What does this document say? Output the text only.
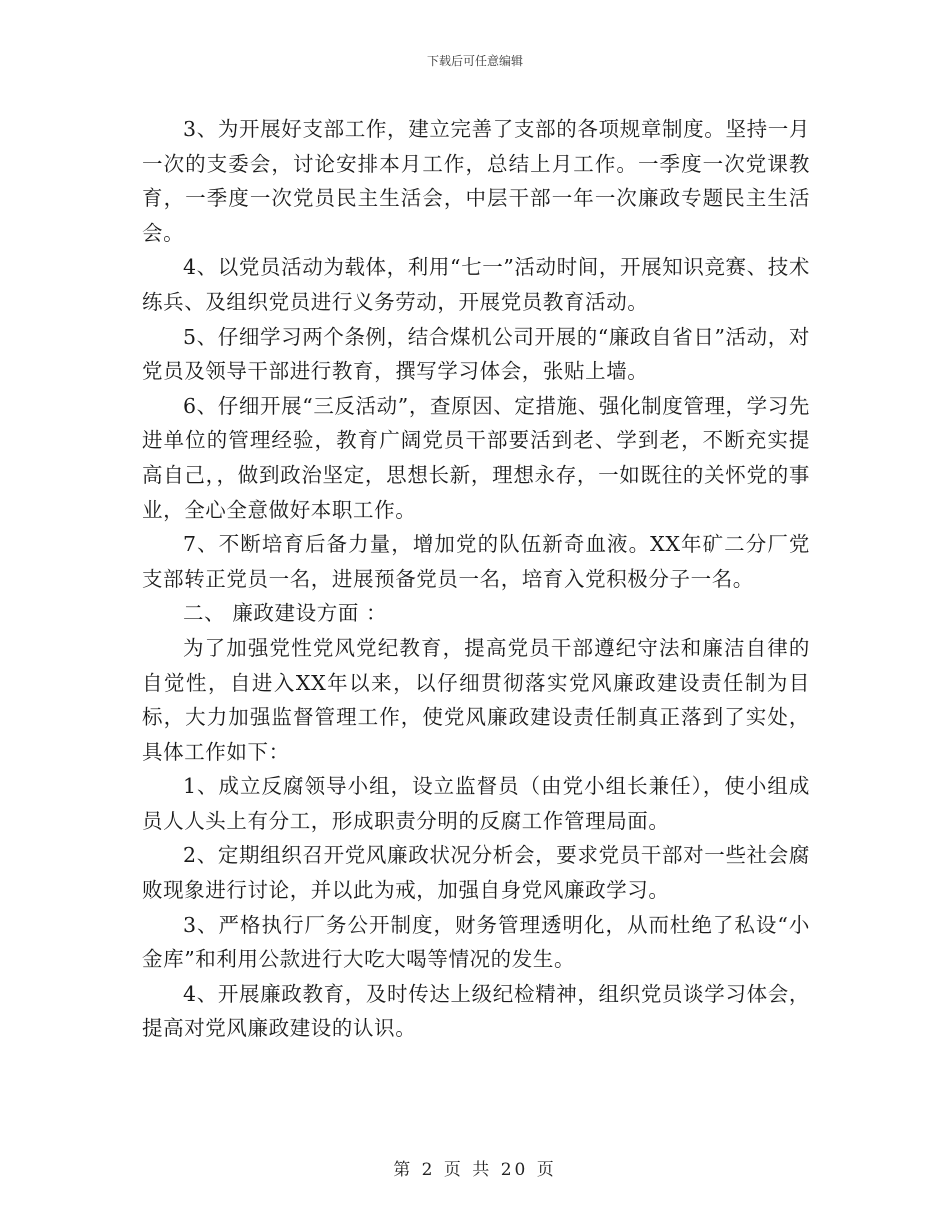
下载后可任意编辑

3、为开展好支部工作，建立完善了支部的各项规章制度。坚持一月一次的支委会，讨论安排本月工作，总结上月工作。一季度一次党课教育，一季度一次党员民主生活会，中层干部一年一次廉政专题民主生活会。

4、以党员活动为载体，利用“七一”活动时间，开展知识竞赛、技术练兵、及组织党员进行义务劳动，开展党员教育活动。

5、仔细学习两个条例，结合煤机公司开展的“廉政自省日”活动，对党员及领导干部进行教育，撰写学习体会，张贴上墙。

6、仔细开展“三反活动”，查原因、定措施、强化制度管理，学习先进单位的管理经验，教育广阔党员干部要活到老、学到老，不断充实提高自己，，做到政治坚定，思想长新，理想永存，一如既往的关怀党的事业，全心全意做好本职工作。

7、不断培育后备力量，增加党的队伍新奇血液。XX年矿二分厂党支部转正党员一名，进展预备党员一名，培育入党积极分子一名。

二、 廉政建设方面 ：

为了加强党性党风党纪教育，提高党员干部遵纪守法和廉洁自律的自觉性，自进入XX年以来，以仔细贯彻落实党风廉政建设责任制为目标，大力加强监督管理工作，使党风廉政建设责任制真正落到了实处，具体工作如下：

1、成立反腐领导小组，设立监督员（由党小组长兼任），使小组成员人人头上有分工，形成职责分明的反腐工作管理局面。

2、定期组织召开党风廉政状况分析会，要求党员干部对一些社会腐败现象进行讨论，并以此为戒，加强自身党风廉政学习。

3、严格执行厂务公开制度，财务管理透明化，从而杜绝了私设“小金库”和利用公款进行大吃大喝等情况的发生。

4、开展廉政教育，及时传达上级纪检精神，组织党员谈学习体会，提高对党风廉政建设的认识。

第 2 页 共 20 页
